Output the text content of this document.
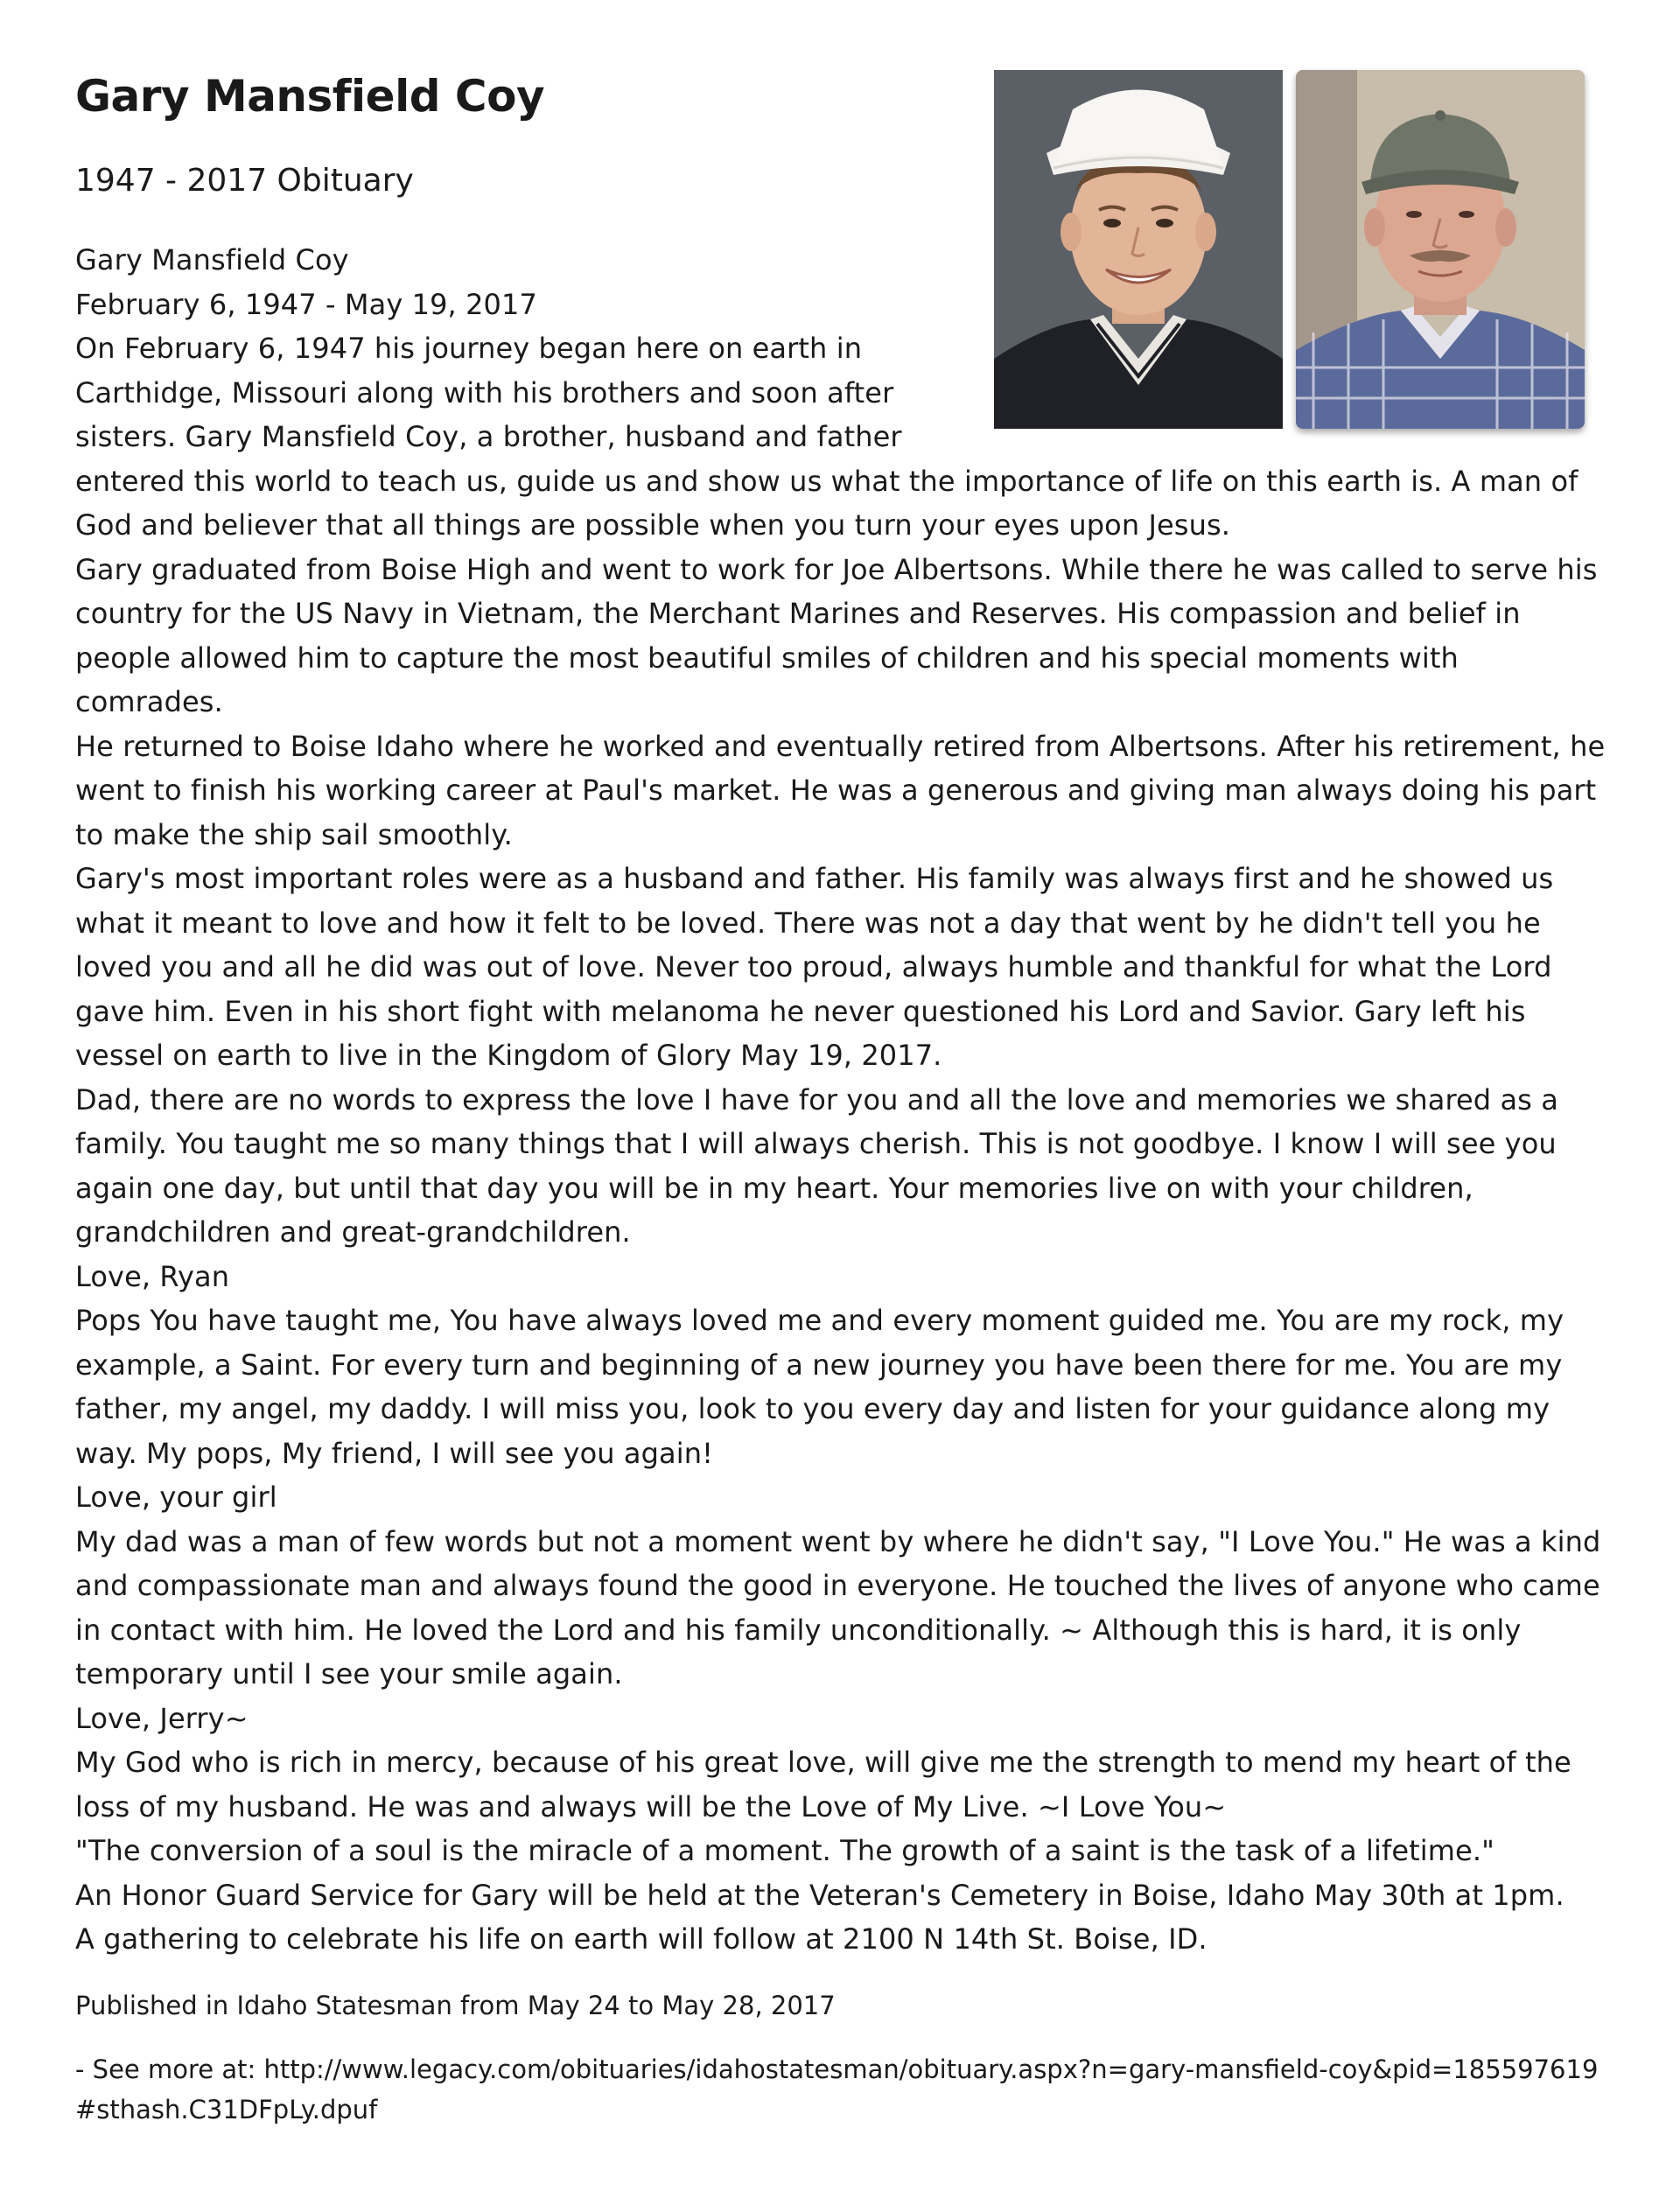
Gary Mansfield Coy
1947 - 2017 Obituary

Gary Mansfield Coy

February 6, 1947 - May 19, 2017

On February 6, 1947 his journey began here on earth in Carthidge, Missouri along with his brothers and soon after sisters. Gary Mansfield Coy, a brother, husband and father entered this world to teach us, guide us and show us what the importance of life on this earth is. A man of God and believer that all things are possible when you turn your eyes upon Jesus.

Gary graduated from Boise High and went to work for Joe Albertsons. While there he was called to serve his country for the US Navy in Vietnam, the Merchant Marines and Reserves. His compassion and belief in people allowed him to capture the most beautiful smiles of children and his special moments with comrades.

He returned to Boise Idaho where he worked and eventually retired from Albertsons. After his retirement, he went to finish his working career at Paul's market. He was a generous and giving man always doing his part to make the ship sail smoothly.

Gary's most important roles were as a husband and father. His family was always first and he showed us what it meant to love and how it felt to be loved. There was not a day that went by he didn't tell you he loved you and all he did was out of love. Never too proud, always humble and thankful for what the Lord gave him. Even in his short fight with melanoma he never questioned his Lord and Savior. Gary left his vessel on earth to live in the Kingdom of Glory May 19, 2017.

Dad, there are no words to express the love I have for you and all the love and memories we shared as a family. You taught me so many things that I will always cherish. This is not goodbye. I know I will see you again one day, but until that day you will be in my heart. Your memories live on with your children, grandchildren and great-grandchildren.

Love, Ryan

Pops You have taught me, You have always loved me and every moment guided me. You are my rock, my example, a Saint. For every turn and beginning of a new journey you have been there for me. You are my father, my angel, my daddy. I will miss you, look to you every day and listen for your guidance along my way. My pops, My friend, I will see you again!

Love, your girl

My dad was a man of few words but not a moment went by where he didn't say, "I Love You." He was a kind and compassionate man and always found the good in everyone. He touched the lives of anyone who came in contact with him. He loved the Lord and his family unconditionally. ~ Although this is hard, it is only temporary until I see your smile again.

Love, Jerry~

My God who is rich in mercy, because of his great love, will give me the strength to mend my heart of the loss of my husband. He was and always will be the Love of My Live. ~I Love You~

"The conversion of a soul is the miracle of a moment. The growth of a saint is the task of a lifetime."

An Honor Guard Service for Gary will be held at the Veteran's Cemetery in Boise, Idaho May 30th at 1pm.

A gathering to celebrate his life on earth will follow at 2100 N 14th St. Boise, ID.

Published in Idaho Statesman from May 24 to May 28, 2017

- See more at: http://www.legacy.com/obituaries/idahostatesman/obituary.aspx?n=gary-mansfield-coy&pid=185597619#sthash.C31DFpLy.dpuf
